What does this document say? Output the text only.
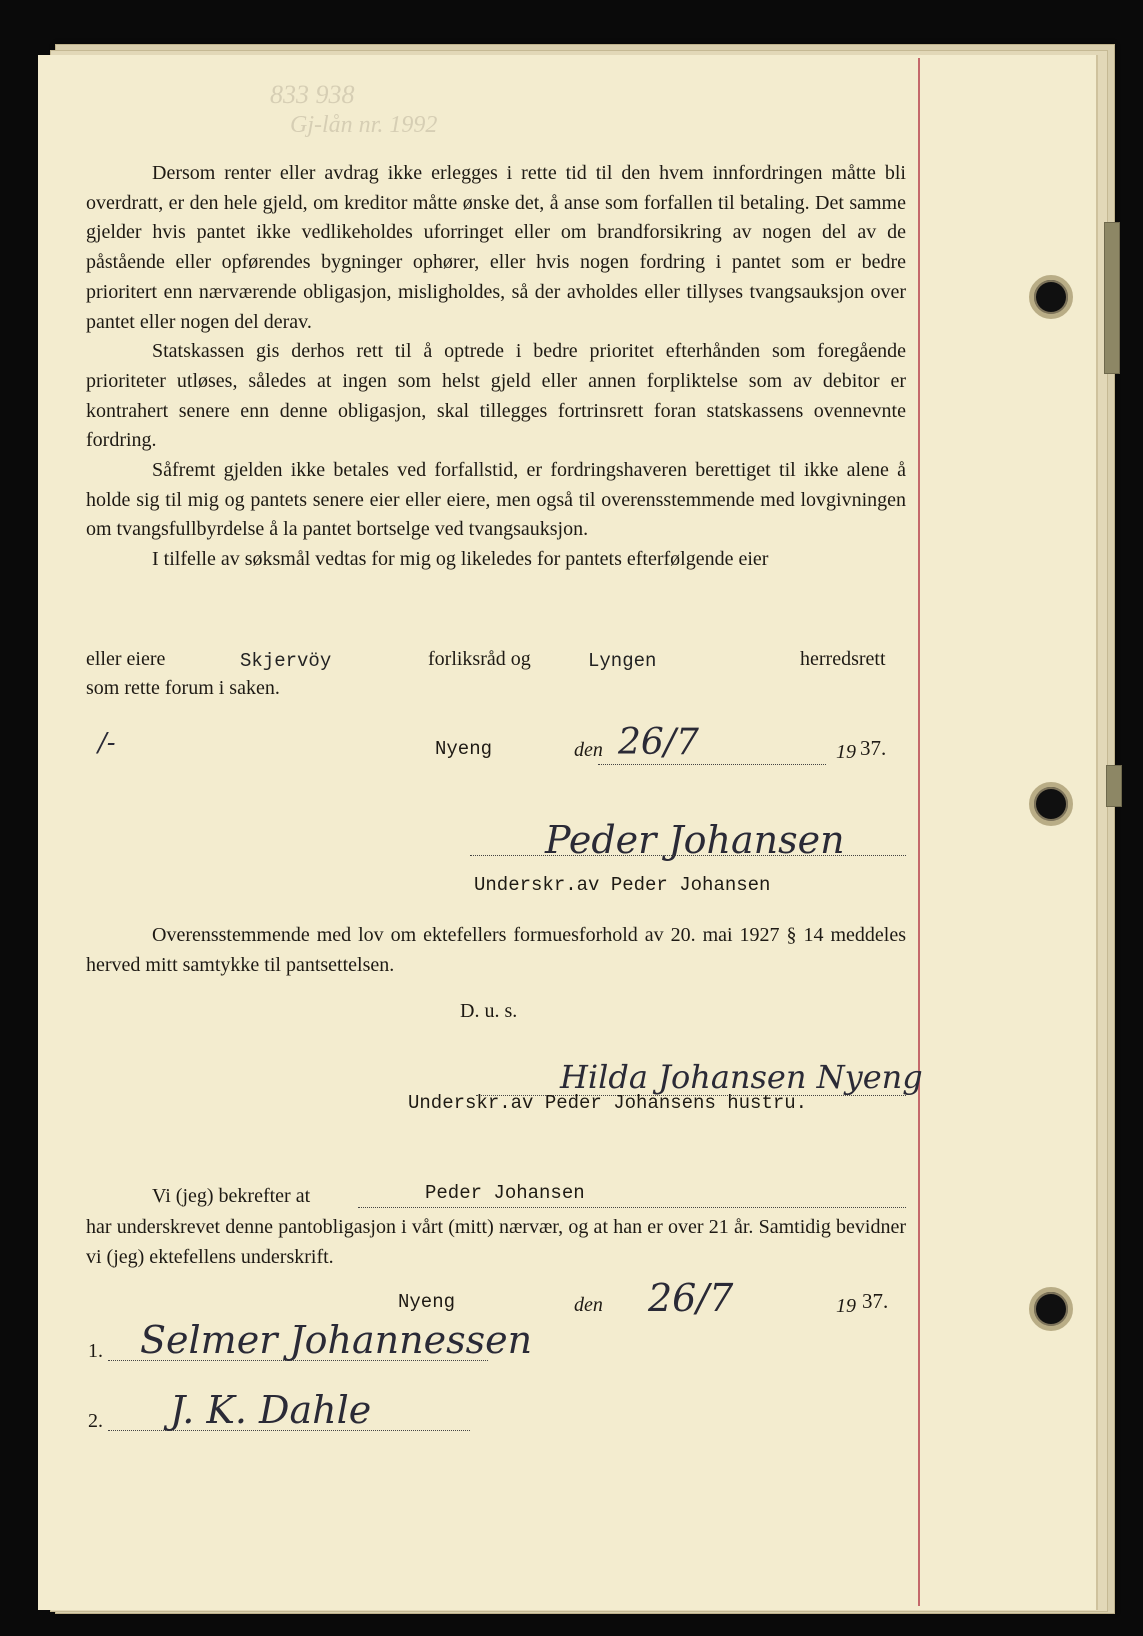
Gj-lån nr. 1992
833 938

Dersom renter eller avdrag ikke erlegges i rette tid til den hvem innfordringen måtte bli overdratt, er den hele gjeld, om kreditor måtte ønske det, å anse som forfallen til betaling. Det samme gjelder hvis pantet ikke vedlikeholdes uforringet eller om brandforsikring av nogen del av de påstående eller opførendes bygninger ophører, eller hvis nogen fordring i pantet som er bedre prioritert enn nærværende obligasjon, misligholdes, så der avholdes eller tillyses tvangsauksjon over pantet eller nogen del derav.

Statskassen gis derhos rett til å optrede i bedre prioritet efterhånden som foregående prioriteter utløses, således at ingen som helst gjeld eller annen forpliktelse som av debitor er kontrahert senere enn denne obligasjon, skal tillegges fortrinsrett foran statskassens ovennevnte fordring.

Såfremt gjelden ikke betales ved forfallstid, er fordringshaveren berettiget til ikke alene å holde sig til mig og pantets senere eier eller eiere, men også til overensstemmende med lovgivningen om tvangsfullbyrdelse å la pantet bortselge ved tvangsauksjon.

I tilfelle av søksmål vedtas for mig og likeledes for pantets efterfølgende eier

eller eiere	Skjervöy	forliksråd og	Lyngen	herredsrett
som rette forum i saken.
/-	Nyeng	den 26/7	19 37.
Peder Johansen
Underskr.av Peder Johansen

Overensstemmende med lov om ektefellers formuesforhold av 20. mai 1927 § 14 meddeles herved mitt samtykke til pantsettelsen.

D. u. s.
Hilda Johansen Nyeng
Underskr.av Peder Johansens hustru.
Vi (jeg) bekrefter at	Peder Johansen

har underskrevet denne pantobligasjon i vårt (mitt) nærvær, og at han er over 21 år. Samtidig bevidner vi (jeg) ektefellens underskrift.

Nyeng	den 26/7	19 37.
1. Selmer Johannessen
2. J. K. Dahle
